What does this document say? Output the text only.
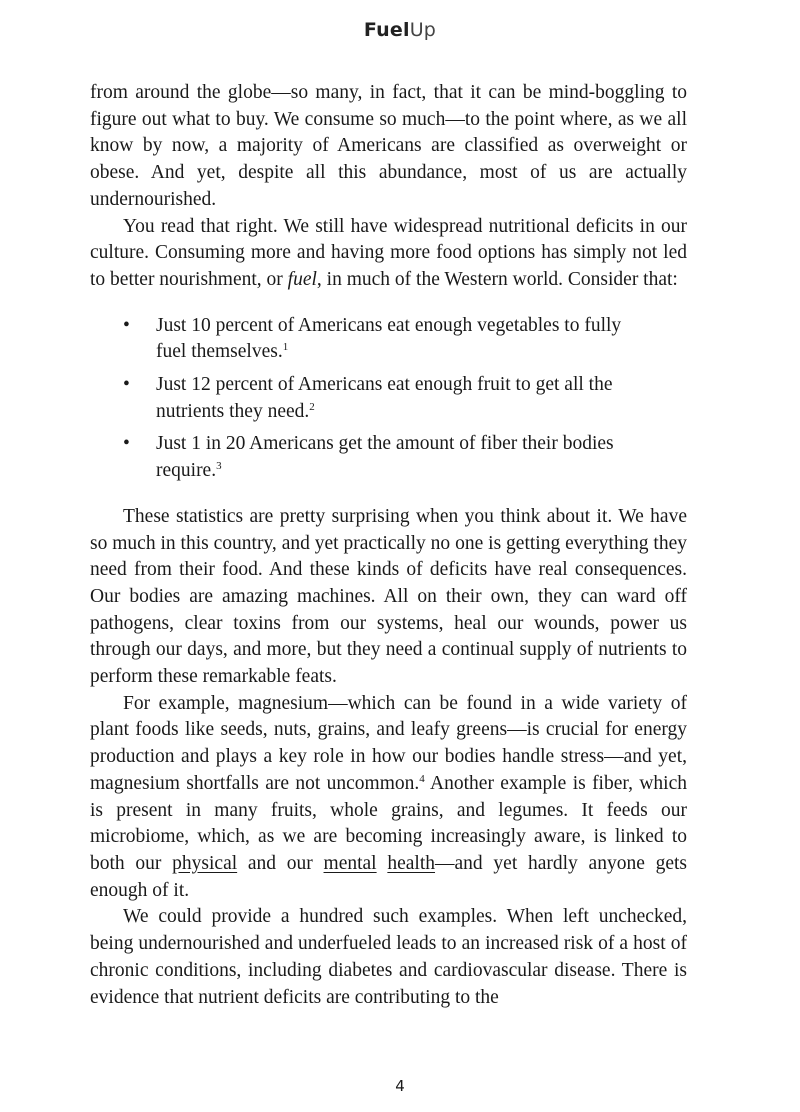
FuelUp

from around the globe—so many, in fact, that it can be mind-boggling to figure out what to buy. We consume so much—to the point where, as we all know by now, a majority of Americans are classified as overweight or obese. And yet, despite all this abundance, most of us are actually undernourished.

You read that right. We still have widespread nutritional deficits in our culture. Consuming more and having more food options has simply not led to better nourishment, or fuel, in much of the Western world. Consider that:

• Just 10 percent of Americans eat enough vegetables to fully fuel themselves.$^1$
• Just 12 percent of Americans eat enough fruit to get all the nutrients they need.$^2$
• Just 1 in 20 Americans get the amount of fiber their bodies require.$^3$

These statistics are pretty surprising when you think about it. We have so much in this country, and yet practically no one is getting everything they need from their food. And these kinds of deficits have real consequences. Our bodies are amazing machines. All on their own, they can ward off pathogens, clear toxins from our systems, heal our wounds, power us through our days, and more, but they need a continual supply of nutrients to perform these remarkable feats.

For example, magnesium—which can be found in a wide variety of plant foods like seeds, nuts, grains, and leafy greens—is crucial for energy production and plays a key role in how our bodies handle stress—and yet, magnesium shortfalls are not uncommon.$^4$ Another example is fiber, which is present in many fruits, whole grains, and legumes. It feeds our microbiome, which, as we are becoming increasingly aware, is linked to both our physical and our mental health—and yet hardly anyone gets enough of it.

We could provide a hundred such examples. When left unchecked, being undernourished and underfueled leads to an increased risk of a host of chronic conditions, including diabetes and cardiovascular disease. There is evidence that nutrient deficits are contributing to the

4
